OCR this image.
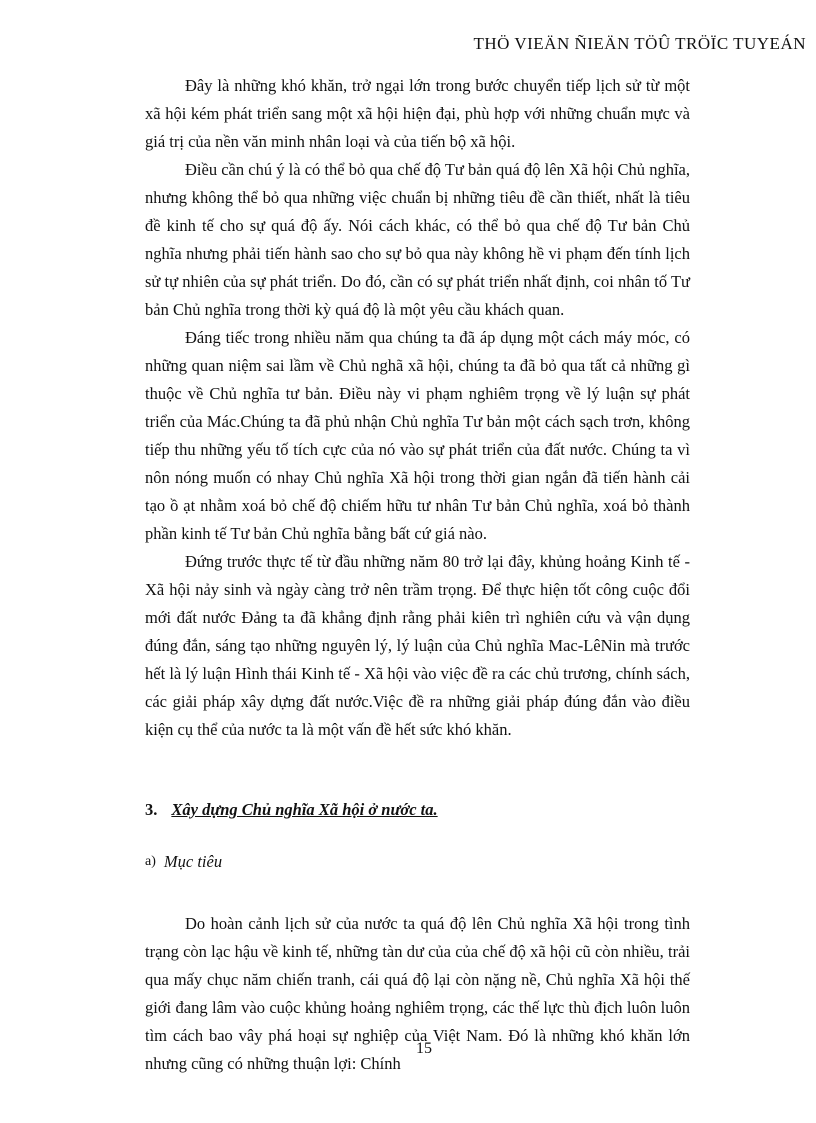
THÖ VIEÄN ÑIEÄN TÖÛ TRÖÏC TUYEÁN

Đây là những khó khăn, trở ngại lớn trong bước chuyển tiếp lịch sử từ một xã hội kém phát triển sang một xã hội hiện đại, phù hợp với những chuẩn mực và giá trị của nền văn minh nhân loại và của tiến bộ xã hội.

Điều cần chú ý là có thể bỏ qua chế độ Tư bản quá độ lên Xã hội Chủ nghĩa, nhưng không thể bỏ qua những việc chuẩn bị những tiêu đề cần thiết, nhất là tiêu đề kinh tế cho sự quá độ ấy. Nói cách khác, có thể bỏ qua chế độ Tư bản Chủ nghĩa nhưng phải tiến hành sao cho sự bỏ qua này không hề vi phạm đến tính lịch sử tự nhiên của sự phát triển. Do đó, cần có sự phát triển nhất định, coi nhân tố Tư bản Chủ nghĩa trong thời kỳ quá độ là một yêu cầu khách quan.

Đáng tiếc trong nhiều năm qua chúng ta đã áp dụng một cách máy móc, có những quan niệm sai lầm về Chủ nghã xã hội, chúng ta đã bỏ qua tất cả những gì thuộc về Chủ nghĩa tư bản. Điều này vi phạm nghiêm trọng về lý luận sự phát triển của Mác.Chúng ta đã phủ nhận Chủ nghĩa Tư bản một cách sạch trơn, không tiếp thu những yếu tố tích cực của nó vào sự phát triển của đất nước. Chúng ta vì nôn nóng muốn có nhay Chủ nghĩa Xã hội trong thời gian ngắn đã tiến hành cải tạo ồ ạt nhằm xoá bỏ chế độ chiếm hữu tư nhân Tư bản Chủ nghĩa, xoá bỏ thành phần kinh tế Tư bản Chủ nghĩa bằng bất cứ giá nào.

Đứng trước thực tế từ đầu những năm 80 trở lại đây, khủng hoảng Kinh tế - Xã hội nảy sinh và ngày càng trở nên trầm trọng. Để thực hiện tốt công cuộc đổi mới đất nước Đảng ta đã khẳng định rằng phải kiên trì nghiên cứu và vận dụng đúng đắn, sáng tạo những nguyên lý, lý luận của Chủ nghĩa Mac-LêNin mà trước hết là lý luận Hình thái Kinh tế - Xã hội vào việc đề ra các chủ trương, chính sách, các giải pháp xây dựng đất nước.Việc đề ra những giải pháp đúng đắn vào điều kiện cụ thể của nước ta là một vấn đề hết sức khó khăn.

3. Xây dựng Chủ nghĩa Xã hội ở nước ta.
a) Mục tiêu

Do hoàn cảnh lịch sử của nước ta quá độ lên Chủ nghĩa Xã hội trong tình trạng còn lạc hậu về kinh tế, những tàn dư của của chế độ xã hội cũ còn nhiều, trải qua mấy chục năm chiến tranh, cái quá độ lại còn nặng nề, Chủ nghĩa Xã hội thế giới đang lâm vào cuộc khủng hoảng nghiêm trọng, các thế lực thù địch luôn luôn tìm cách bao vây phá hoại sự nghiệp của Việt Nam. Đó là những khó khăn lớn nhưng cũng có những thuận lợi: Chính

15
